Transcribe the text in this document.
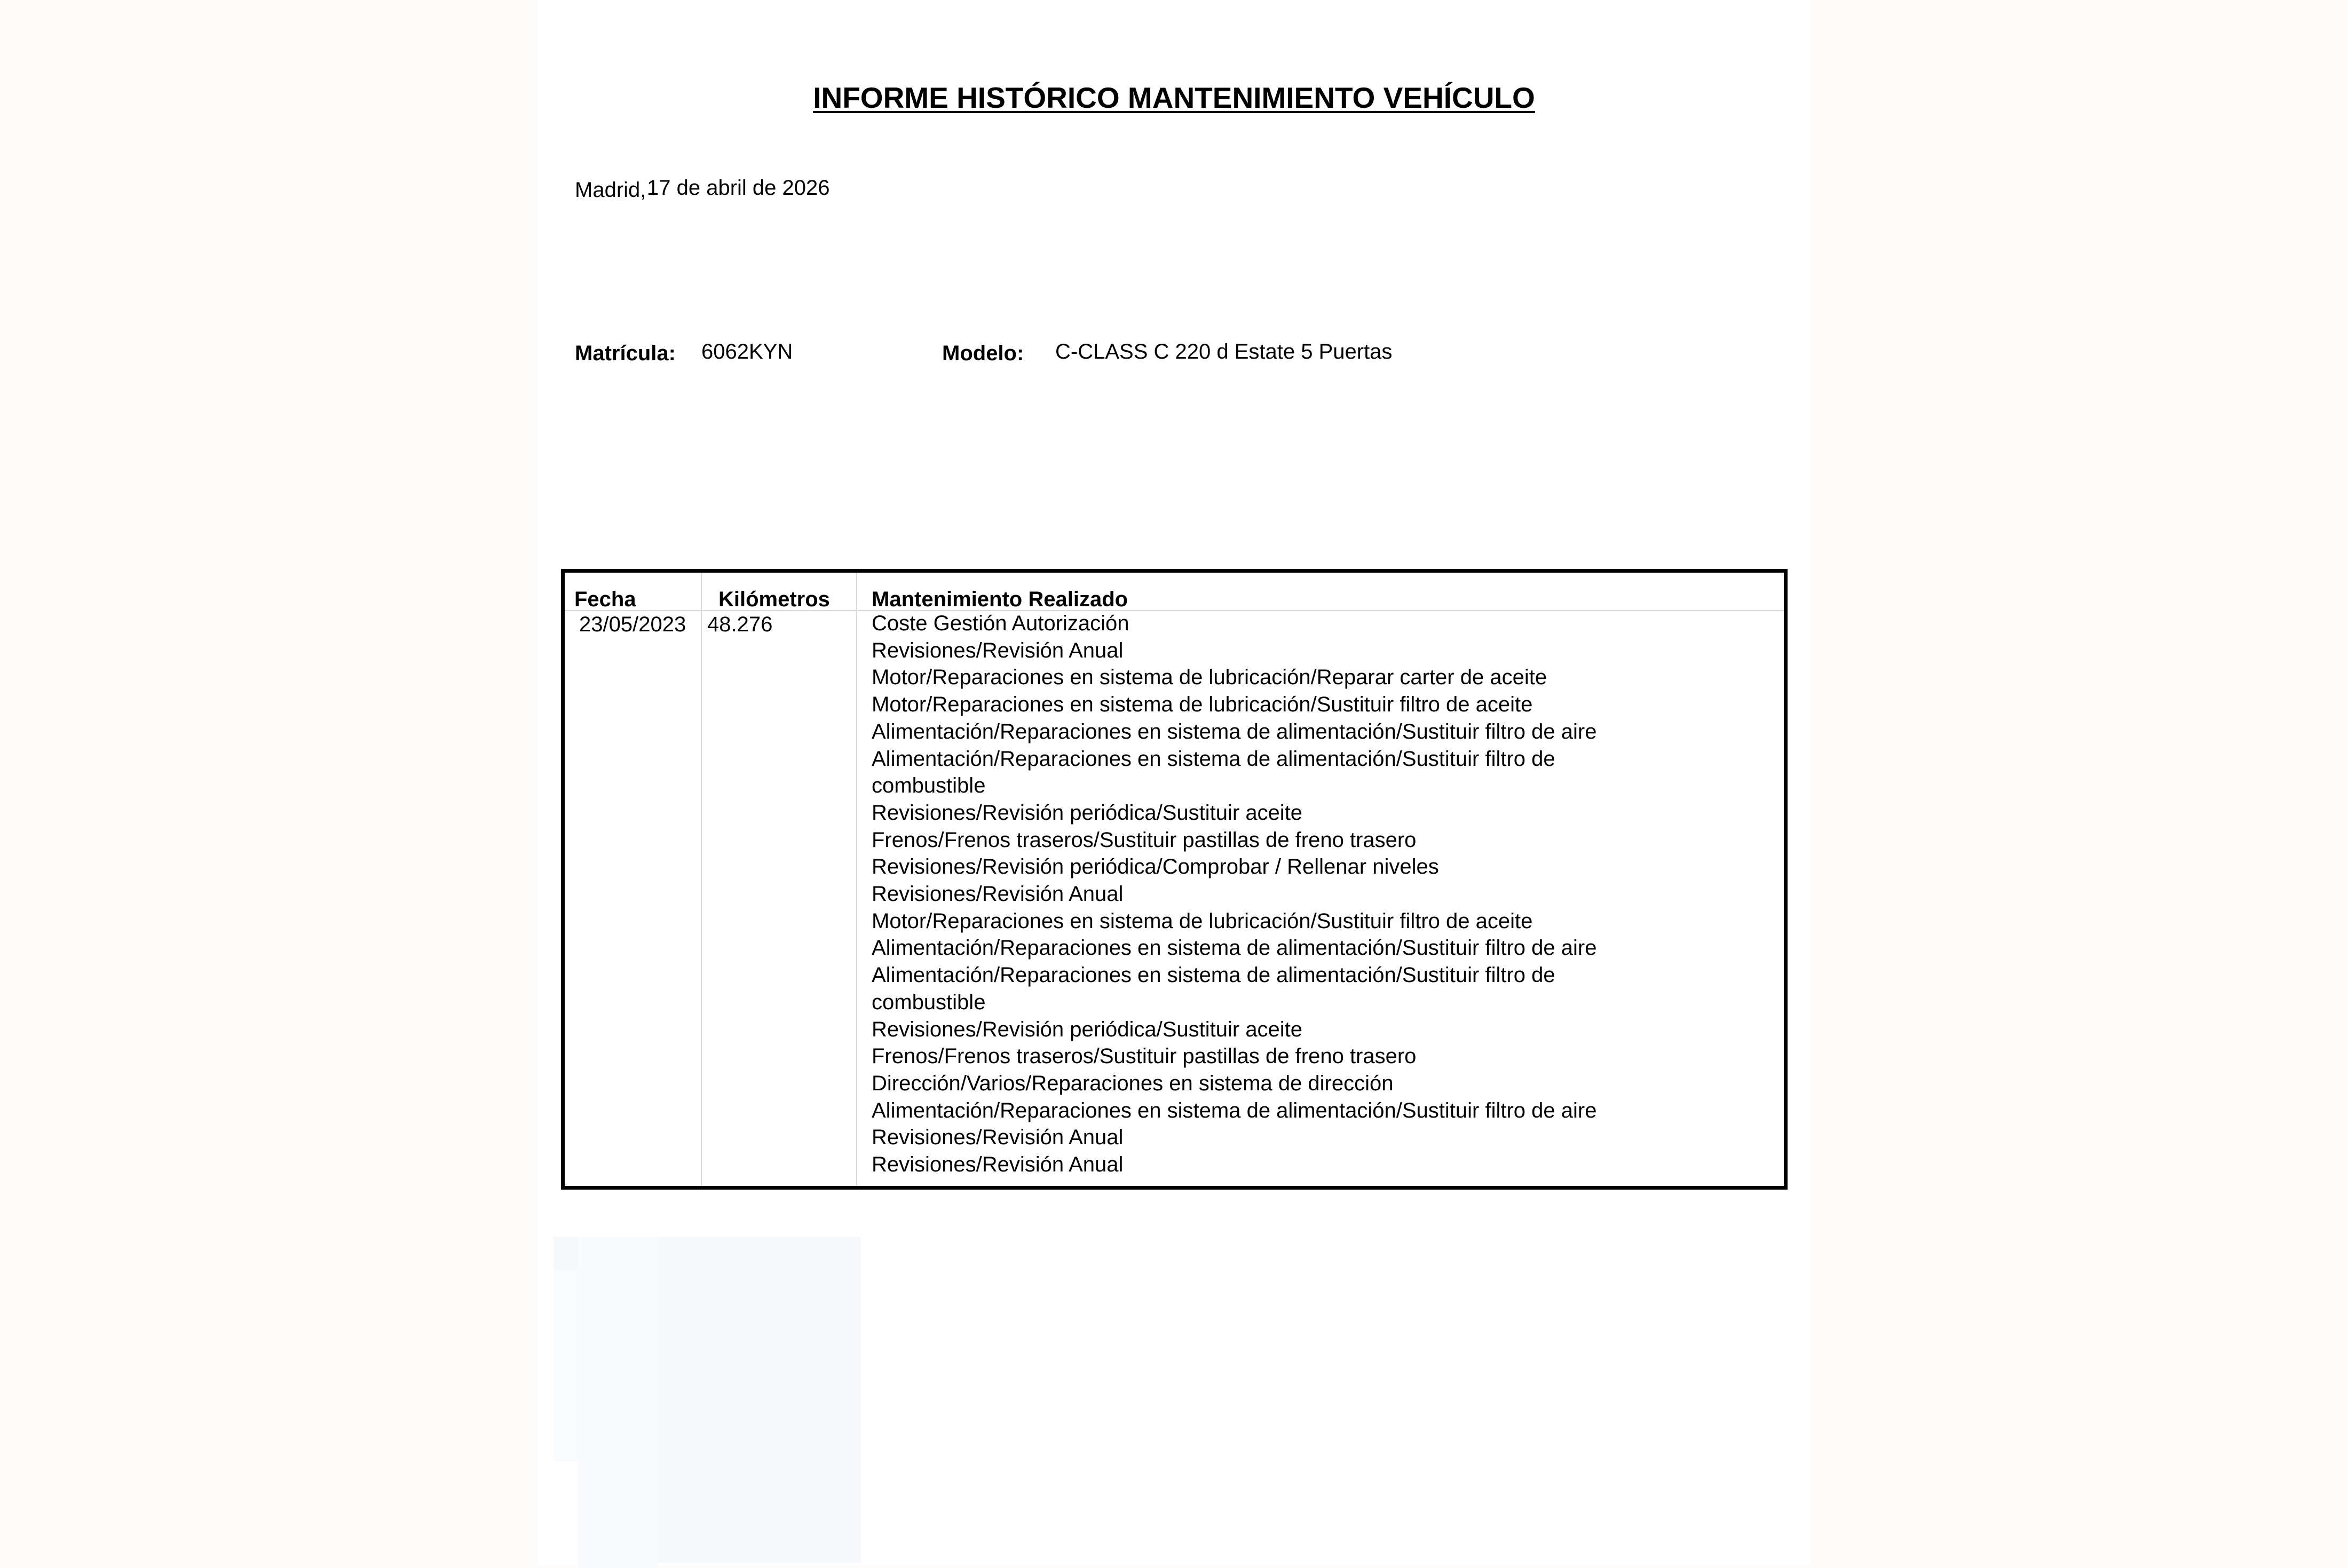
INFORME HISTÓRICO MANTENIMIENTO VEHÍCULO
Madrid, 17 de abril de 2026
Matrícula: 6062KYN	Modelo: C-CLASS C 220 d Estate 5 Puertas
Fecha	Kilómetros Mantenimiento Realizado
23/05/2023 48.276	Coste Gestión Autorización
Revisiones/Revisión Anual
Motor/Reparaciones en sistema de lubricación/Reparar carter de aceite
Motor/Reparaciones en sistema de lubricación/Sustituir filtro de aceite
Alimentación/Reparaciones en sistema de alimentación/Sustituir filtro de aire
Alimentación/Reparaciones en sistema de alimentación/Sustituir filtro de
combustible
Revisiones/Revisión periódica/Sustituir aceite
Frenos/Frenos traseros/Sustituir pastillas de freno trasero
Revisiones/Revisión periódica/Comprobar / Rellenar niveles
Revisiones/Revisión Anual
Motor/Reparaciones en sistema de lubricación/Sustituir filtro de aceite
Alimentación/Reparaciones en sistema de alimentación/Sustituir filtro de aire
Alimentación/Reparaciones en sistema de alimentación/Sustituir filtro de
combustible
Revisiones/Revisión periódica/Sustituir aceite
Frenos/Frenos traseros/Sustituir pastillas de freno trasero
Dirección/Varios/Reparaciones en sistema de dirección
Alimentación/Reparaciones en sistema de alimentación/Sustituir filtro de aire
Revisiones/Revisión Anual
Revisiones/Revisión Anual
